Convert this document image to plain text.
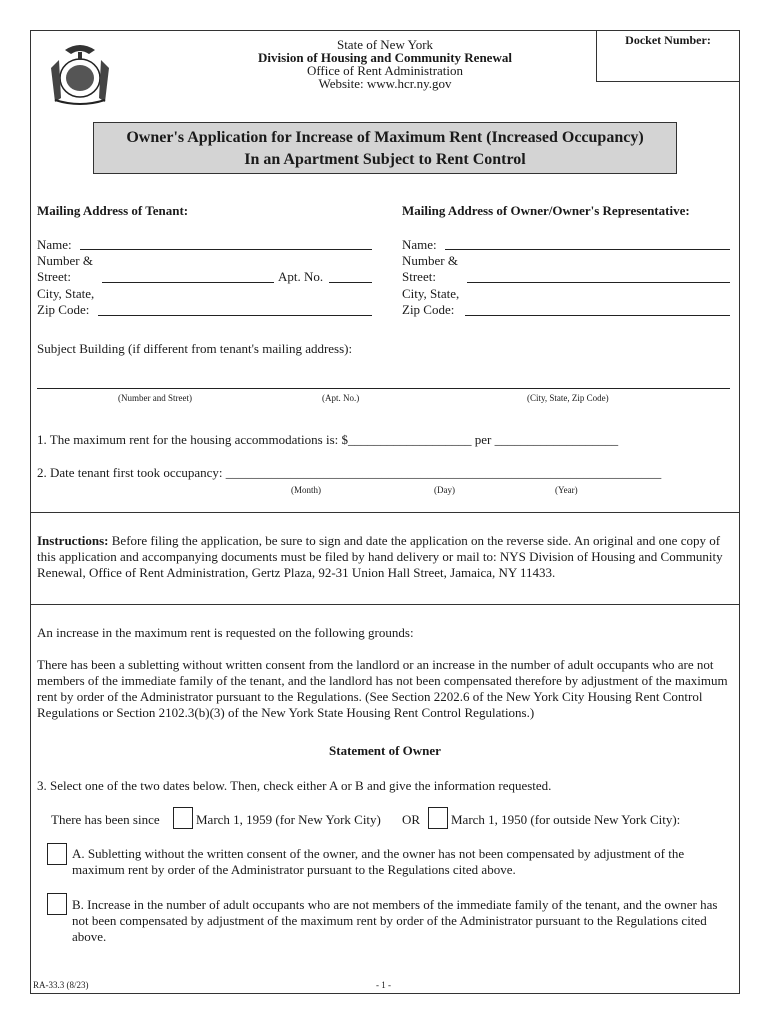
State of New York
Division of Housing and Community Renewal
Office of Rent Administration
Website: www.hcr.ny.gov
Docket Number:
Owner's Application for Increase of Maximum Rent (Increased Occupancy)
In an Apartment Subject to Rent Control
Mailing Address of Tenant:
Name:
Number &
Street:	Apt. No.
City, State,
Zip Code:
Mailing Address of Owner/Owner's Representative:
Name:
Number &
Street:
City, State,
Zip Code:
Subject Building (if different from tenant's mailing address):
(Number and Street)	(Apt. No.)	(City, State, Zip Code)
1. The maximum rent for the housing accommodations is: $___________________ per ___________________
2. Date tenant first took occupancy: ___________________________________________________________________
(Month)	(Day)	(Year)
Instructions: Before filing the application, be sure to sign and date the application on the reverse side. An original and one copy of this application and accompanying documents must be filed by hand delivery or mail to: NYS Division of Housing and Community Renewal, Office of Rent Administration, Gertz Plaza, 92-31 Union Hall Street, Jamaica, NY 11433.
An increase in the maximum rent is requested on the following grounds:
There has been a subletting without written consent from the landlord or an increase in the number of adult occupants who are not members of the immediate family of the tenant, and the landlord has not been compensated therefore by adjustment of the maximum rent by order of the Administrator pursuant to the Regulations. (See Section 2202.6 of the New York City Housing Rent Control Regulations or Section 2102.3(b)(3) of the New York State Housing Rent Control Regulations.)
Statement of Owner
3. Select one of the two dates below. Then, check either A or B and give the information requested.
There has been since	March 1, 1959 (for New York City) OR March 1, 1950 (for outside New York City):
A. Subletting without the written consent of the owner, and the owner has not been compensated by adjustment of the maximum rent by order of the Administrator pursuant to the Regulations cited above.
B. Increase in the number of adult occupants who are not members of the immediate family of the tenant, and the owner has not been compensated by adjustment of the maximum rent by order of the Administrator pursuant to the Regulations cited above.
RA-33.3 (8/23)	- 1 -
